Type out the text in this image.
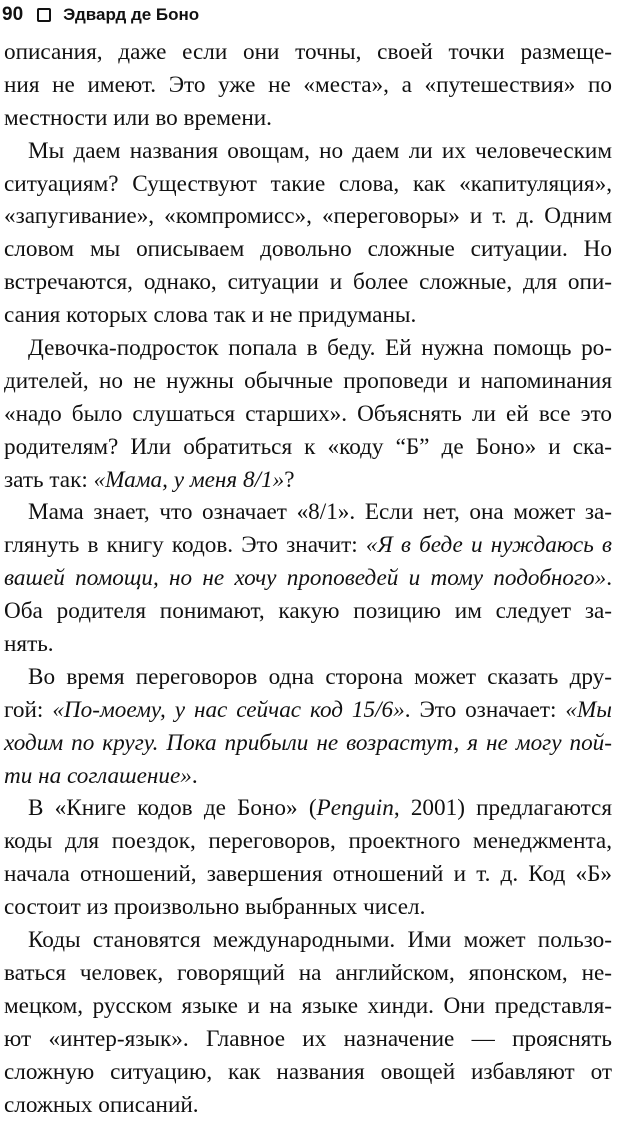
90 Эдвард де Боно
описания, даже если они точны, своей точки размеще-
ния не имеют. Это уже не «места», а «путешествия» по
местности или во времени.
Мы даем названия овощам, но даем ли их человеческим
ситуациям? Существуют такие слова, как «капитуляция»,
«запугивание», «компромисс», «переговоры» и т. д. Одним
словом мы описываем довольно сложные ситуации. Но
встречаются, однако, ситуации и более сложные, для опи-
сания которых слова так и не придуманы.
Девочка-подросток попала в беду. Ей нужна помощь ро-
дителей, но не нужны обычные проповеди и напоминания
«надо было слушаться старших». Объяснять ли ей все это
родителям? Или обратиться к «коду “Б” де Боно» и ска-
зать так: «Мама, у меня 8/1»?
Мама знает, что означает «8/1». Если нет, она может за-
глянуть в книгу кодов. Это значит: «Я в беде и нуждаюсь в
вашей помощи, но не хочу проповедей и тому подобного».
Оба родителя понимают, какую позицию им следует за-
нять.
Во время переговоров одна сторона может сказать дру-
гой: «По-моему, у нас сейчас код 15/6». Это означает: «Мы
ходим по кругу. Пока прибыли не возрастут, я не могу пой-
ти на соглашение».
В «Книге кодов де Боно» (Penguin, 2001) предлагаются
коды для поездок, переговоров, проектного менеджмента,
начала отношений, завершения отношений и т. д. Код «Б»
состоит из произвольно выбранных чисел.
Коды становятся международными. Ими может пользо-
ваться человек, говорящий на английском, японском, не-
мецком, русском языке и на языке хинди. Они представля-
ют «интер-язык». Главное их назначение — прояснять
сложную ситуацию, как названия овощей избавляют от
сложных описаний.
